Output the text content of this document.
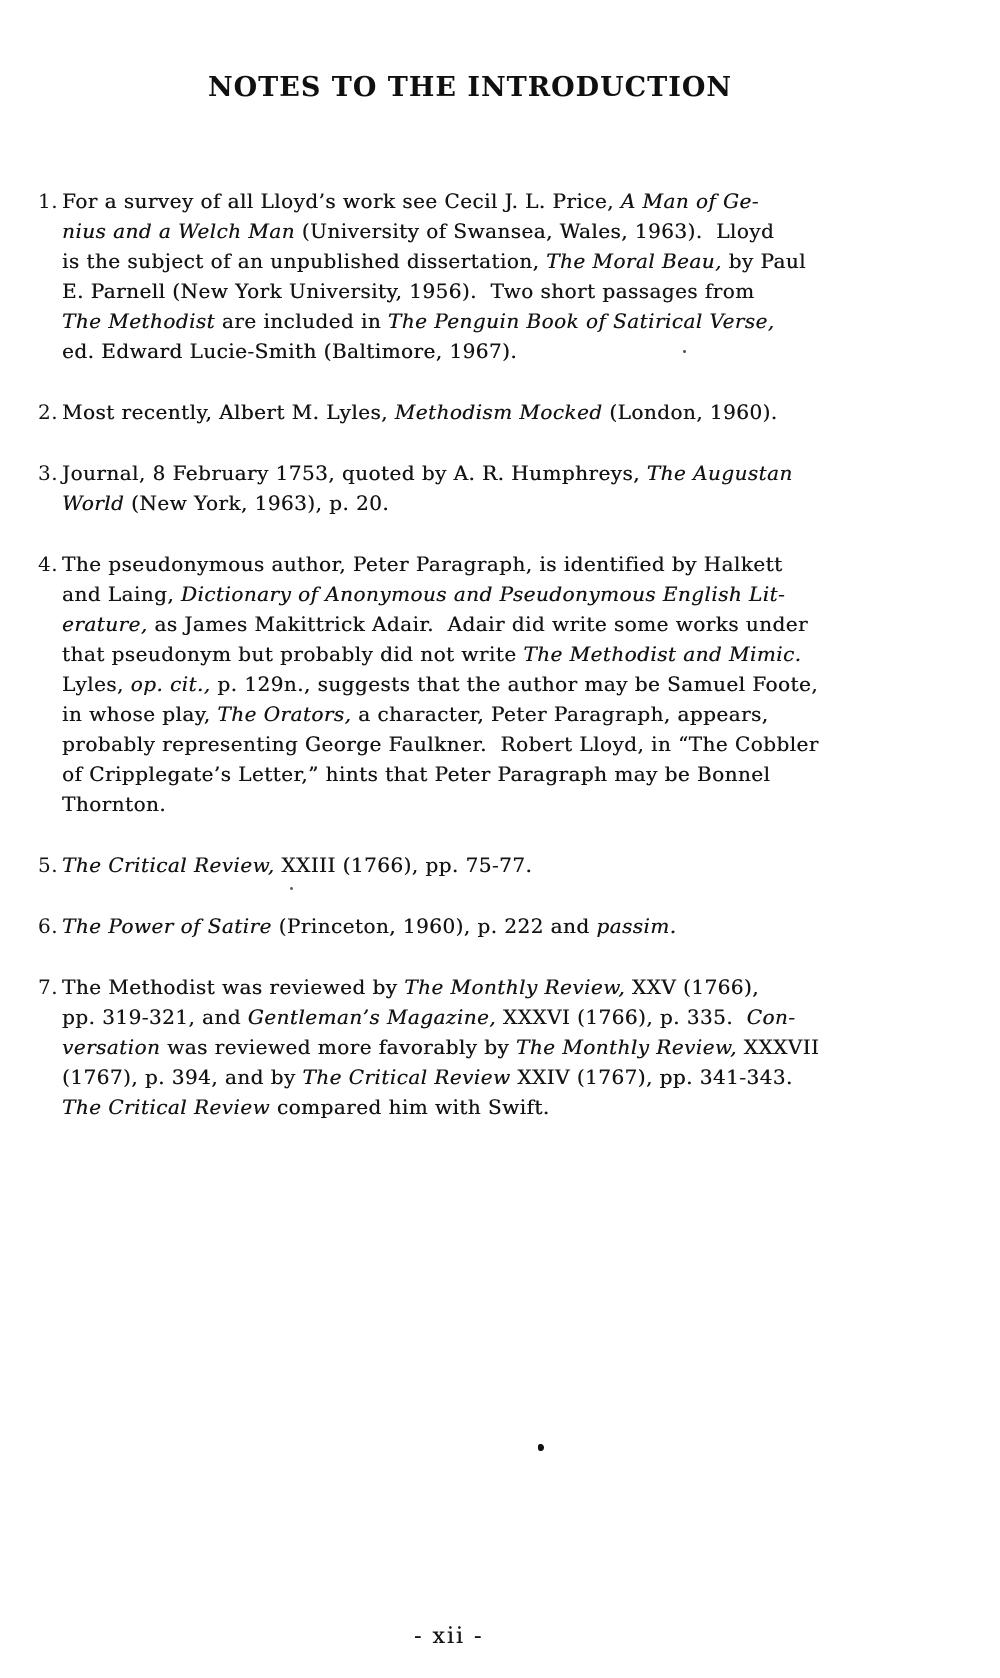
NOTES TO THE INTRODUCTION
1. For a survey of all Lloyd’s work see Cecil J. L. Price, A Man of Ge-
nius and a Welch Man (University of Swansea, Wales, 1963).  Lloyd
is the subject of an unpublished dissertation, The Moral Beau, by Paul
E. Parnell (New York University, 1956).  Two short passages from
The Methodist are included in The Penguin Book of Satirical Verse,
ed. Edward Lucie-Smith (Baltimore, 1967).
2. Most recently, Albert M. Lyles, Methodism Mocked (London, 1960).
3. Journal, 8 February 1753, quoted by A. R. Humphreys, The Augustan
World (New York, 1963), p. 20.
4. The pseudonymous author, Peter Paragraph, is identified by Halkett
and Laing, Dictionary of Anonymous and Pseudonymous English Lit-
erature, as James Makittrick Adair.  Adair did write some works under
that pseudonym but probably did not write The Methodist and Mimic.
Lyles, op. cit., p. 129n., suggests that the author may be Samuel Foote,
in whose play, The Orators, a character, Peter Paragraph, appears,
probably representing George Faulkner.  Robert Lloyd, in “The Cobbler
of Cripplegate’s Letter,” hints that Peter Paragraph may be Bonnel
Thornton.
5. The Critical Review, XXIII (1766), pp. 75-77.
6. The Power of Satire (Princeton, 1960), p. 222 and passim.
7. The Methodist was reviewed by The Monthly Review, XXV (1766),
pp. 319-321, and Gentleman’s Magazine, XXXVI (1766), p. 335.  Con-
versation was reviewed more favorably by The Monthly Review, XXXVII
(1767), p. 394, and by The Critical Review XXIV (1767), pp. 341-343.
The Critical Review compared him with Swift.
- xii -
